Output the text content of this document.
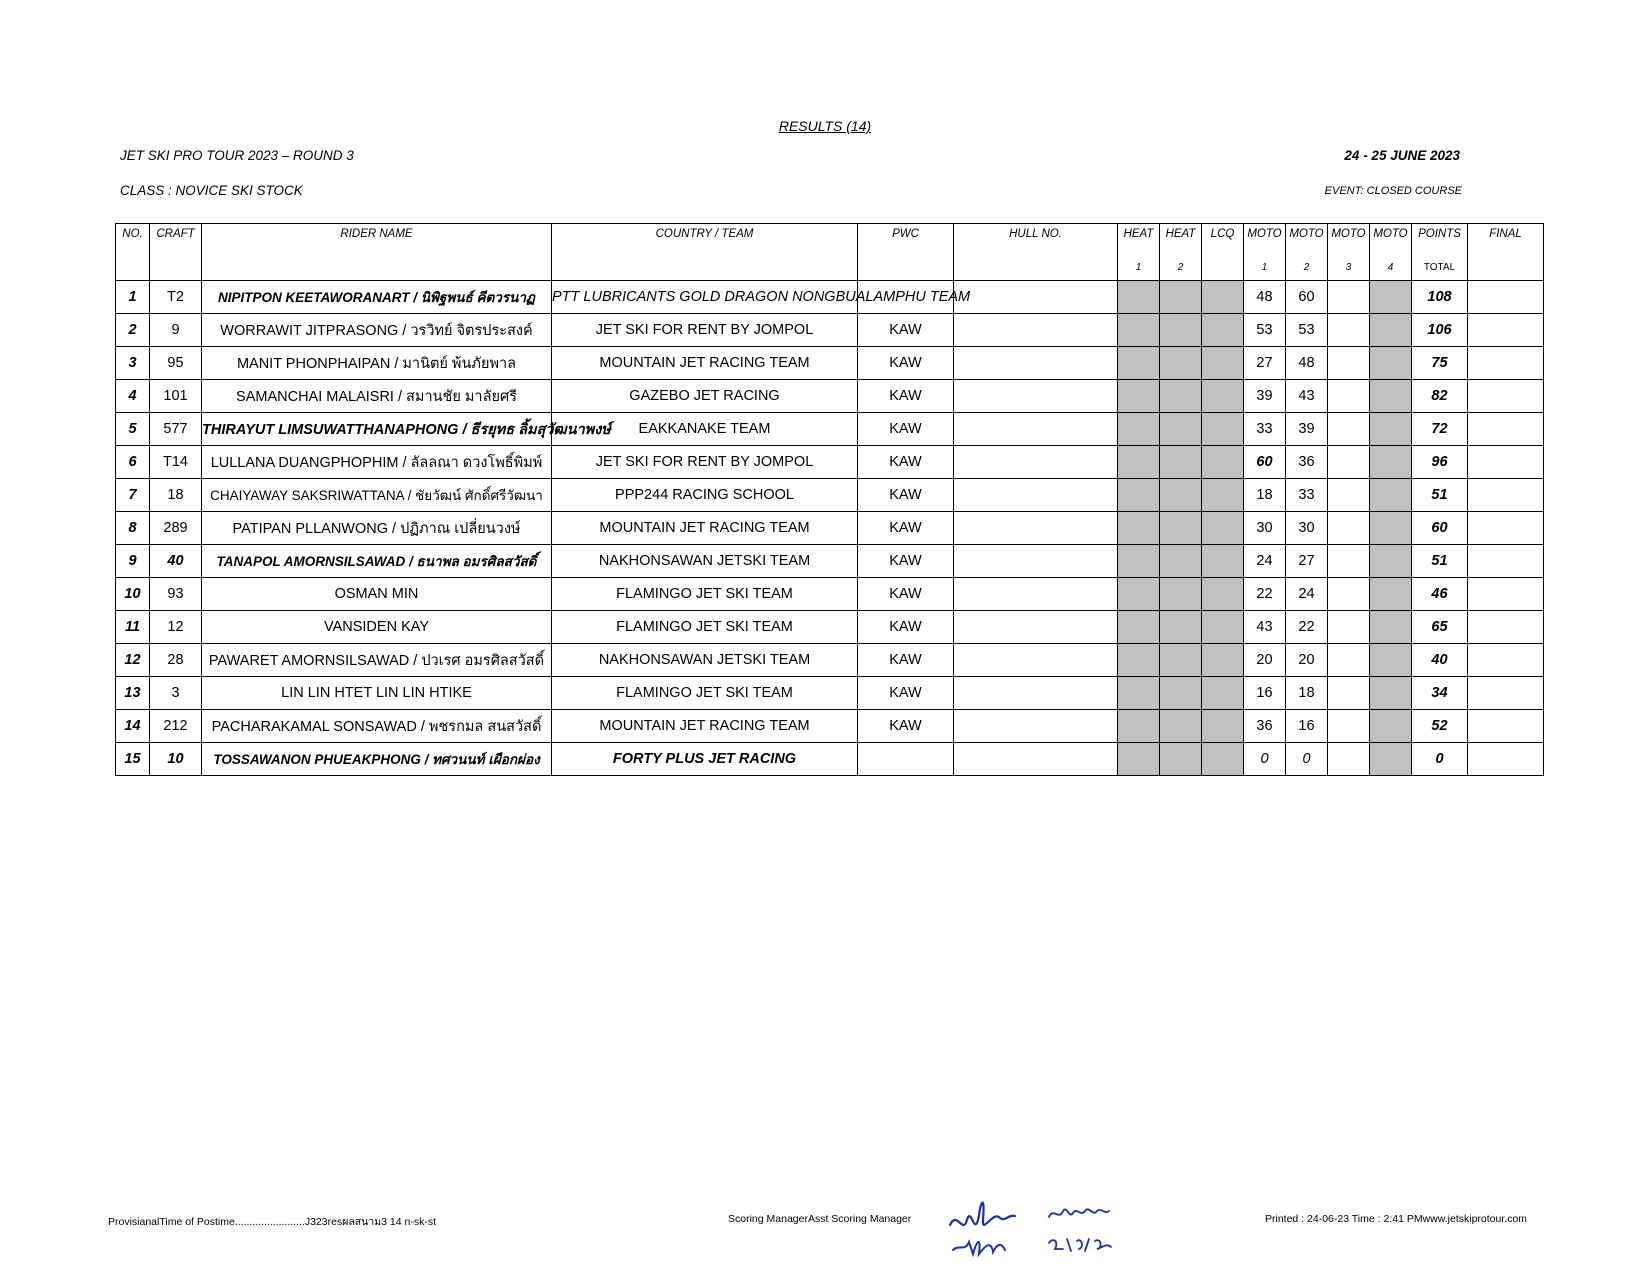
RESULTS (14)
JET SKI PRO TOUR 2023 – ROUND 3	24 - 25 JUNE 2023
CLASS : NOVICE SKI STOCK	EVENT: CLOSED COURSE
NO.	CRAFT	RIDER NAME	COUNTRY / TEAM	PWC	HULL NO.	HEAT	HEAT	LCQ	MOTO	MOTO	MOTO	MOTO	POINTS	FINAL
						1	2		1	2	3	4	TOTAL	
1	T2	NIPITPON KEETAWORANART / นิพิฐพนธ์ คีตวรนาฏ	PTT LUBRICANTS GOLD DRAGON NONGBUALAMPHU TEAM						48	60			108	
2	9	WORRAWIT JITPRASONG / วรวิทย์ จิตรประสงค์	JET SKI FOR RENT BY JOMPOL	KAW					53	53			106	
3	95	MANIT PHONPHAIPAN / มานิตย์ พ้นภัยพาล	MOUNTAIN JET RACING TEAM	KAW					27	48			75	
4	101	SAMANCHAI MALAISRI / สมานชัย มาลัยศรี	GAZEBO JET RACING	KAW					39	43			82	
5	577	THIRAYUT LIMSUWATTHANAPHONG / ธีรยุทธ ลิ้มสุวัฒนาพงษ์	EAKKANAKE TEAM	KAW					33	39			72	
6	T14	LULLANA DUANGPHOPHIM / ลัลลณา ดวงโพธิ์พิมพ์	JET SKI FOR RENT BY JOMPOL	KAW					60	36			96	
7	18	CHAIYAWAY SAKSRIWATTANA / ชัยวัฒน์ ศักดิ์ศรีวัฒนา	PPP244 RACING SCHOOL	KAW					18	33			51	
8	289	PATIPAN PLLANWONG / ปฏิภาณ เปลี่ยนวงษ์	MOUNTAIN JET RACING TEAM	KAW					30	30			60	
9	40	TANAPOL AMORNSILSAWAD / ธนาพล อมรศิลสวัสดิ์	NAKHONSAWAN JETSKI TEAM	KAW					24	27			51	
10	93	OSMAN MIN	FLAMINGO JET SKI TEAM	KAW					22	24			46	
11	12	VANSIDEN KAY	FLAMINGO JET SKI TEAM	KAW					43	22			65	
12	28	PAWARET AMORNSILSAWAD / ปวเรศ อมรศิลสวัสดิ์	NAKHONSAWAN JETSKI TEAM	KAW					20	20			40	
13	3	LIN LIN HTET LIN LIN HTIKE	FLAMINGO JET SKI TEAM	KAW					16	18			34	
14	212	PACHARAKAMAL SONSAWAD / พชรกมล สนสวัสดิ์	MOUNTAIN JET RACING TEAM	KAW					36	16			52	
15	10	TOSSAWANON PHUEAKPHONG / ทศวนนท์ เผือกผ่อง	FORTY PLUS JET RACING						0	0			0	
ProvisianalTime of Postime........................J323resผลสนาม3 14 n-sk-st	Scoring ManagerAsst Scoring Manager	Printed : 24-06-23 Time : 2:41 PMwww.jetskiprotour.com
